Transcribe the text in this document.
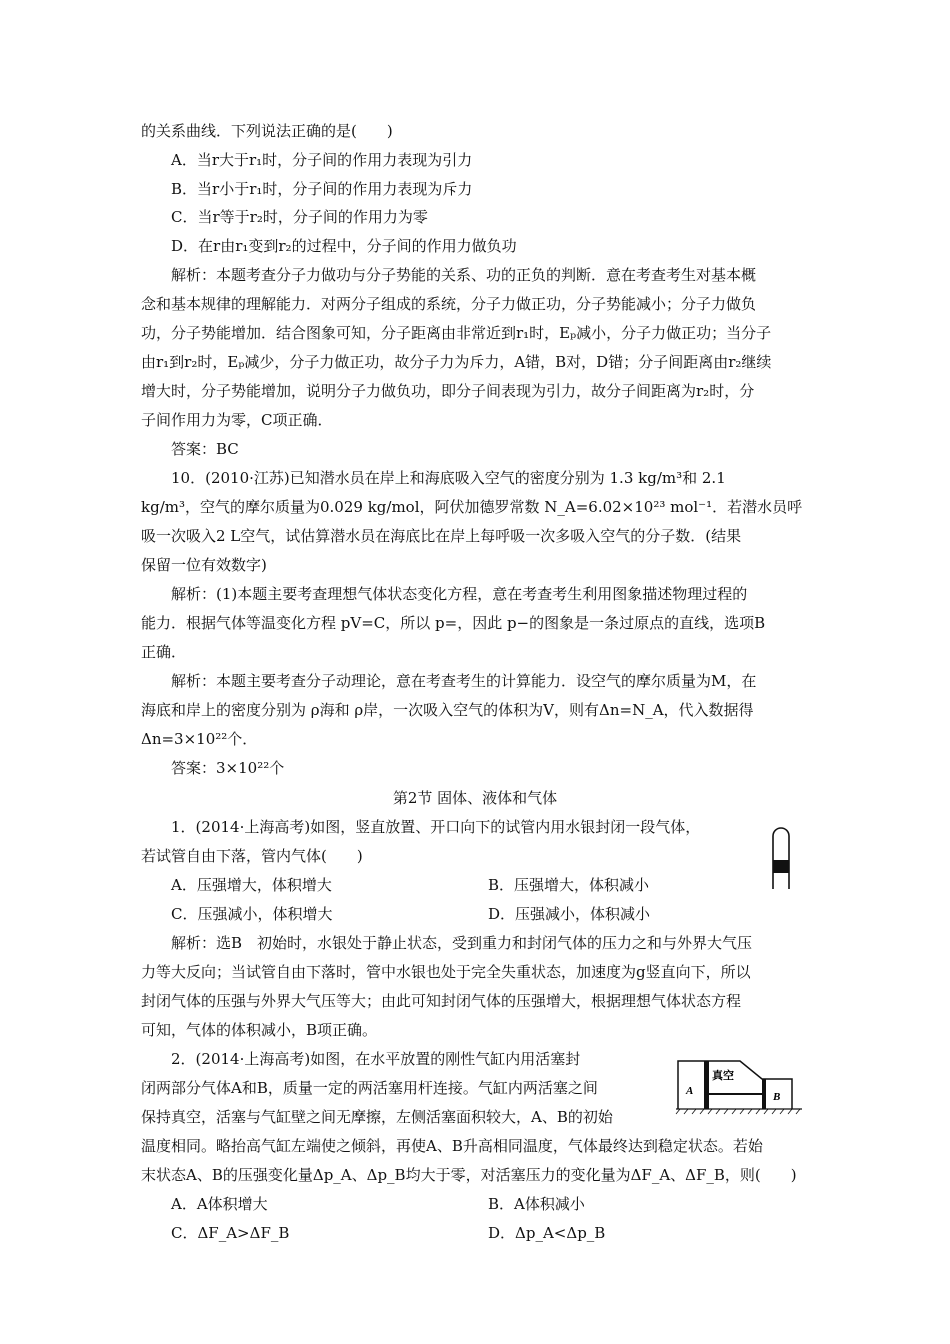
的关系曲线．下列说法正确的是(　　)
A．当r大于r₁时，分子间的作用力表现为引力
B．当r小于r₁时，分子间的作用力表现为斥力
C．当r等于r₂时，分子间的作用力为零
D．在r由r₁变到r₂的过程中，分子间的作用力做负功
解析：本题考查分子力做功与分子势能的关系、功的正负的判断．意在考查考生对基本概
念和基本规律的理解能力．对两分子组成的系统，分子力做正功，分子势能减小；分子力做负
功，分子势能增加．结合图象可知，分子距离由非常近到r₁时，Eₚ减小，分子力做正功；当分子
由r₁到r₂时，Eₚ减少，分子力做正功，故分子力为斥力，A错，B对，D错；分子间距离由r₂继续
增大时，分子势能增加，说明分子力做负功，即分子间表现为引力，故分子间距离为r₂时，分
子间作用力为零，C项正确．
答案：BC
10．(2010·江苏)已知潜水员在岸上和海底吸入空气的密度分别为 1.3 kg/m³和 2.1
kg/m³，空气的摩尔质量为0.029 kg/mol，阿伏加德罗常数 N_A=6.02×10²³ mol⁻¹．若潜水员呼
吸一次吸入2 L空气，试估算潜水员在海底比在岸上每呼吸一次多吸入空气的分子数．(结果
保留一位有效数字)
解析：(1)本题主要考查理想气体状态变化方程，意在考查考生利用图象描述物理过程的
能力．根据气体等温变化方程 pV=C，所以 p=，因此 p−的图象是一条过原点的直线，选项B
正确．
解析：本题主要考查分子动理论，意在考查考生的计算能力．设空气的摩尔质量为M，在
海底和岸上的密度分别为 ρ海和 ρ岸，一次吸入空气的体积为V，则有Δn=N_A，代入数据得
Δn=3×10²²个．
答案：3×10²²个
1．(2014·上海高考)如图，竖直放置、开口向下的试管内用水银封闭一段气体，
若试管自由下落，管内气体(　　)
A．压强增大，体积增大	B．压强增大，体积减小
C．压强减小，体积增大	D．压强减小，体积减小
解析：选B　初始时，水银处于静止状态，受到重力和封闭气体的压力之和与外界大气压
力等大反向；当试管自由下落时，管中水银也处于完全失重状态，加速度为g竖直向下，所以
封闭气体的压强与外界大气压等大；由此可知封闭气体的压强增大，根据理想气体状态方程
可知，气体的体积减小，B项正确。
2．(2014·上海高考)如图，在水平放置的刚性气缸内用活塞封
闭两部分气体A和B，质量一定的两活塞用杆连接。气缸内两活塞之间
保持真空，活塞与气缸壁之间无摩擦，左侧活塞面积较大，A、B的初始
温度相同。略抬高气缸左端使之倾斜，再使A、B升高相同温度，气体最终达到稳定状态。若始
末状态A、B的压强变化量Δp_A、Δp_B均大于零，对活塞压力的变化量为ΔF_A、ΔF_B，则(　　)
A．A体积增大	B．A体积减小
C．ΔF_A>ΔF_B	D．Δp_A<Δp_B
第2节 固体、液体和气体
A
真空
B
